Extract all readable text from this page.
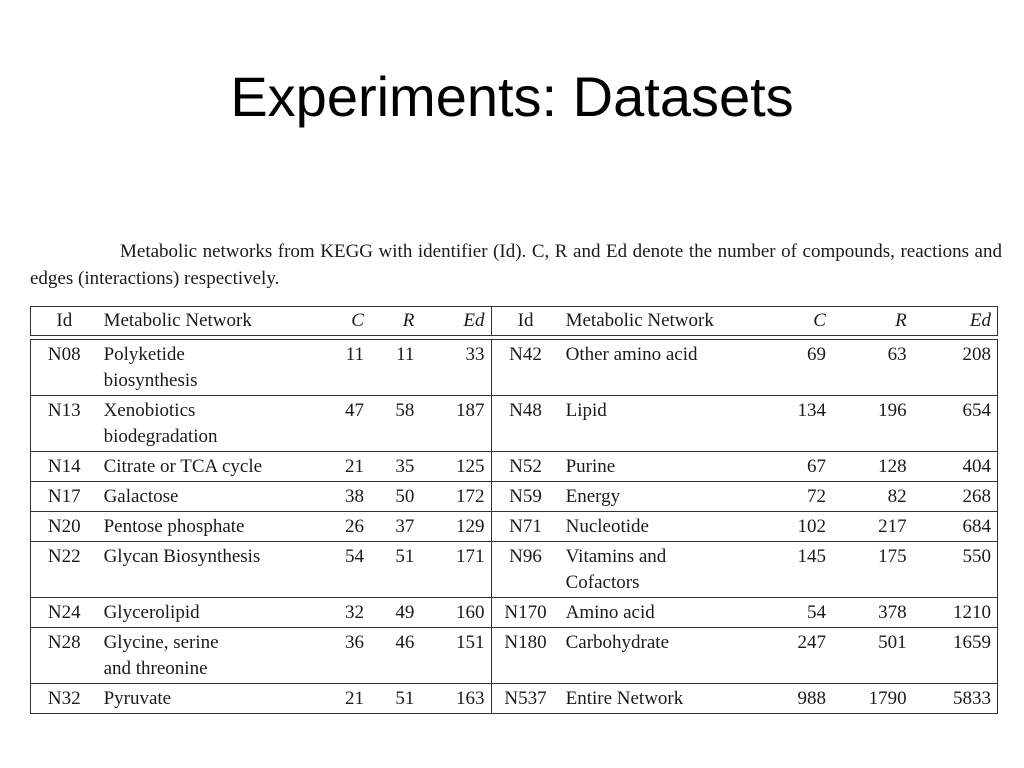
Experiments: Datasets
Metabolic networks from KEGG with identifier (Id). C, R and Ed denote the number of compounds, reactions and edges (interactions) respectively.
Id	Metabolic Network	C	R	Ed	Id	Metabolic Network	C	R	Ed

N08	Polyketide
biosynthesis	11	11	33	N42	Other amino acid	69	63	208
N13	Xenobiotics
biodegradation	47	58	187	N48	Lipid	134	196	654
N14	Citrate or TCA cycle	21	35	125	N52	Purine	67	128	404
N17	Galactose	38	50	172	N59	Energy	72	82	268
N20	Pentose phosphate	26	37	129	N71	Nucleotide	102	217	684
N22	Glycan Biosynthesis	54	51	171	N96	Vitamins and
Cofactors	145	175	550
N24	Glycerolipid	32	49	160	N170	Amino acid	54	378	1210
N28	Glycine, serine
and threonine	36	46	151	N180	Carbohydrate	247	501	1659
N32	Pyruvate	21	51	163	N537	Entire Network	988	1790	5833
